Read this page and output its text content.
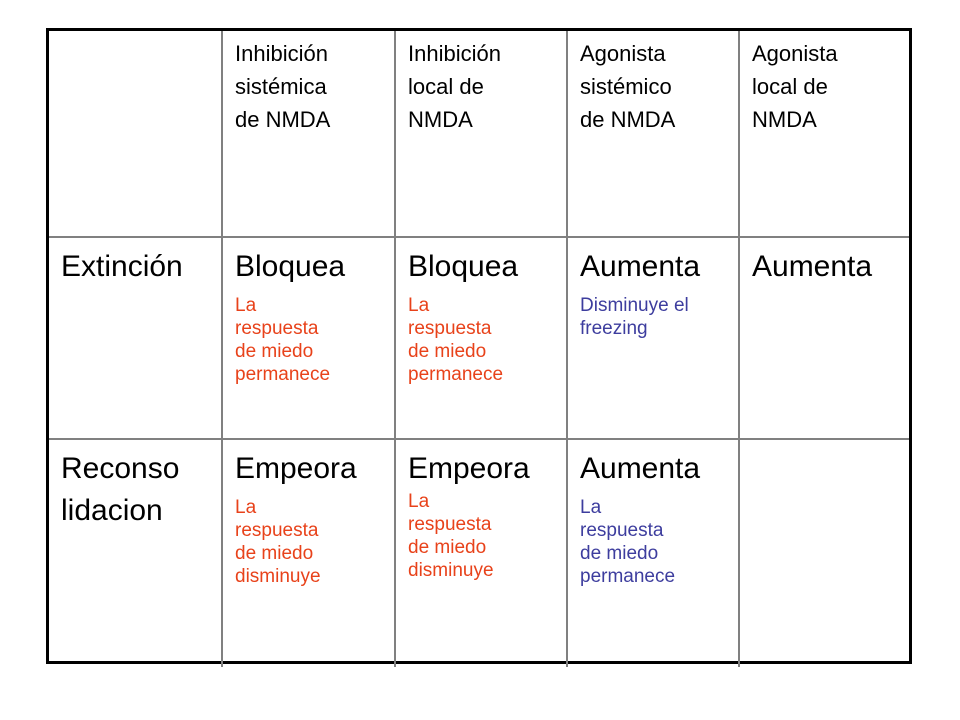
Extinción
Reconso
lidacion
Inhibición
sistémica
de NMDA
Bloquea
La
respuesta
de miedo
permanece
Empeora
La
respuesta
de miedo
disminuye
Inhibición
local de
NMDA
Bloquea
La
respuesta
de miedo
permanece
Empeora
La
respuesta
de miedo
disminuye
Agonista
sistémico
de NMDA
Aumenta
Disminuye el
freezing
Aumenta
La
respuesta
de miedo
permanece
Agonista
local de
NMDA
Aumenta
